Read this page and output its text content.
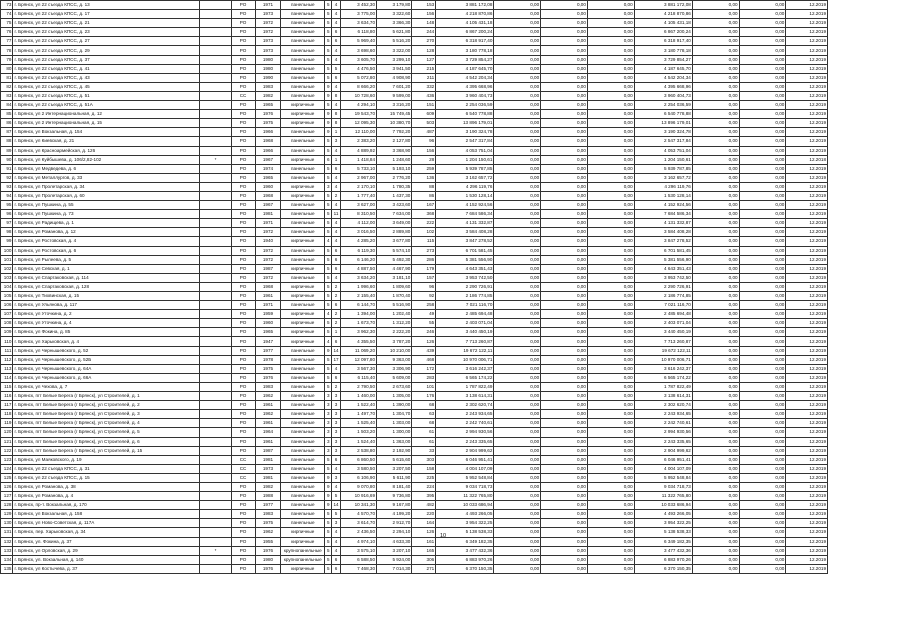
73	г. Брянск, ул 22 съезда КПСС, д. 13		РО	1971	панельные	5	4	3 452,30	3 179,80	153	3 881 172,08	0,00	0,00	0,00	3 881 172,08	0,00	0,00	12.2019
74	г. Брянск, ул 22 съезда КПСС, д. 17		РО	1973	панельные	5	4	3 775,00	3 322,60	156	4 218 870,86	0,00	0,00	0,00	4 218 870,86	0,00	0,00	12.2019
75	г. Брянск, ул 22 съезда КПСС, д. 21		РО	1972	панельные	5	4	3 634,70	3 366,30	148	4 105 431,18	0,00	0,00	0,00	4 105 431,18	0,00	0,00	12.2019
76	г. Брянск, ул 22 съезда КПСС, д. 23		РО	1972	панельные	5	6	6 118,80	5 621,80	244	6 867 200,24	0,00	0,00	0,00	6 867 200,24	0,00	0,00	12.2019
77	г. Брянск, ул 22 съезда КПСС, д. 27		РО	1973	панельные	5	6	5 969,40	5 516,20	270	6 318 917,40	0,00	0,00	0,00	6 318 917,40	0,00	0,00	12.2019
78	г. Брянск, ул 22 съезда КПСС, д. 29		РО	1973	панельные	5	4	3 698,60	3 322,00	128	3 180 778,18	0,00	0,00	0,00	3 180 778,18	0,00	0,00	12.2019
79	г. Брянск, ул 22 съезда КПСС, д. 37		РО	1980	панельные	5	4	3 605,70	3 299,10	127	3 729 854,27	0,00	0,00	0,00	3 729 854,27	0,00	0,00	12.2019
80	г. Брянск, ул 22 съезда КПСС, д. 41		РО	1980	панельные	5	5	4 476,50	3 941,50	215	4 187 645,70	0,00	0,00	0,00	4 187 645,70	0,00	0,00	12.2019
81	г. Брянск, ул 22 съезда КПСС, д. 43		РО	1990	панельные	5	6	5 072,80	4 908,90	211	4 542 204,34	0,00	0,00	0,00	4 542 204,34	0,00	0,00	12.2019
82	г. Брянск, ул 22 съезда КПСС, д. 45		РО	1983	панельные	9	4	8 666,20	7 601,20	332	4 395 668,96	0,00	0,00	0,00	4 395 668,96	0,00	0,00	12.2019
83	г. Брянск, ул 22 съезда КПСС, д. 51		СС	1982	панельные	9	8	10 728,60	9 599,00	436	3 960 404,73	0,00	0,00	0,00	3 960 404,73	0,00	0,00	12.2019
84	г. Брянск, ул 22 съезда КПСС, д. 51А		РО	1965	кирпичные	5	4	4 294,10	3 316,20	151	2 254 036,59	0,00	0,00	0,00	2 254 036,59	0,00	0,00	12.2019
85	г. Брянск, ул 2 Интернациональная, д. 12		РО	1976	кирпичные	9	8	19 543,70	15 749,45	609	6 540 778,88	0,00	0,00	0,00	6 540 778,88	0,00	0,00	12.2019
86	г. Брянск, ул 2 Интернациональная, д. 15		РО	1975	кирпичные	9	8	12 095,30	10 380,70	503	13 896 179,01	0,00	0,00	0,00	13 896 179,01	0,00	0,00	12.2019
87	г. Брянск, ул Вокзальная, д. 154		РО	1966	панельные	9	1	12 110,00	7 792,20	487	3 190 324,78	0,00	0,00	0,00	3 190 324,78	0,00	0,00	12.2019
88	г. Брянск, ул Киевская, д. 21		РО	1968	панельные	5	3	2 383,20	2 127,80	96	2 547 317,84	0,00	0,00	0,00	2 547 317,84	0,00	0,00	12.2019
89	г. Брянск, ул Красноармейская, д. 126		РО	1966	панельные	5	4	4 889,92	3 368,90	156	4 053 751,04	0,00	0,00	0,00	4 053 751,04	0,00	0,00	12.2019
90	г. Брянск, ул Куйбышева, д. 106/2,82-102	*	РО	1967	кирпичные	6	1	1 418,84	1 248,60	28	1 204 150,61	0,00	0,00	0,00	1 204 150,61	0,00	0,00	12.2018
91	г. Брянск, ул Медведева, д. 6		РО	1974	панельные	5	6	5 733,10	5 193,10	259	5 939 787,85	0,00	0,00	0,00	5 939 787,85	0,00	0,00	12.2019
92	г. Брянск, ул Металлургов, д. 33		РО	1965	панельные	5	4	2 967,00	2 776,20	136	3 162 657,72	0,00	0,00	0,00	3 162 657,72	0,00	0,00	12.2019
93	г. Брянск, ул Пролетарская, д. 34		РО	1960	кирпичные	3	4	2 170,10	1 780,35	88	4 296 119,76	0,00	0,00	0,00	4 296 119,76	0,00	0,00	12.2019
94	г. Брянск, ул Пролетарская, д. 60		РО	1968	кирпичные	5	2	1 777,40	1 437,30	86	1 530 128,14	0,00	0,00	0,00	1 530 128,14	0,00	0,00	12.2019
95	г. Брянск, ул Пушкина, д. 55		РО	1967	панельные	5	4	3 627,00	3 423,60	167	4 152 924,56	0,00	0,00	0,00	4 152 924,56	0,00	0,00	12.2019
96	г. Брянск, ул Пушкина, д. 73		РО	1981	панельные	5	11	8 310,50	7 634,00	368	7 684 586,34	0,00	0,00	0,00	7 684 586,34	0,00	0,00	12.2019
97	г. Брянск, ул Радищева, д. 1		РО	1971	панельные	5	4	4 112,00	3 649,00	222	4 131 332,87	0,00	0,00	0,00	4 131 332,87	0,00	0,00	12.2019
98	г. Брянск, ул Романова, д. 12		РО	1972	панельные	5	4	3 016,50	2 889,80	102	3 584 408,28	0,00	0,00	0,00	3 584 408,28	0,00	0,00	12.2019
99	г. Брянск, ул Ростовская, д. 4		РО	1940	кирпичные	4	4	4 285,20	3 677,80	115	3 847 278,52	0,00	0,00	0,00	3 847 278,52	0,00	0,00	12.2019
100	г. Брянск, ул Ростовская, д. 6		РО	1972	панельные	5	6	6 119,30	5 574,10	273	6 701 581,45	0,00	0,00	0,00	6 701 581,45	0,00	0,00	12.2019
101	г. Брянск, ул Рылеева, д. 5		РО	1972	панельные	5	6	6 146,20	5 492,30	286	5 381 556,90	0,00	0,00	0,00	5 381 556,90	0,00	0,00	12.2019
102	г. Брянск, ул Севская, д. 1		РО	1987	кирпичные	5	6	4 887,50	4 467,90	179	4 643 351,43	0,00	0,00	0,00	4 643 351,43	0,00	0,00	12.2019
103	г. Брянск, ул Спартаковская, д. 114		РО	1972	панельные	5	4	3 634,20	3 181,10	157	3 953 742,50	0,00	0,00	0,00	3 953 742,50	0,00	0,00	12.2019
104	г. Брянск, ул Спартаковская, д. 128		РО	1968	кирпичные	5	2	1 996,60	1 809,60	96	2 290 726,91	0,00	0,00	0,00	2 290 726,91	0,00	0,00	12.2019
105	г. Брянск, ул Тихвинская, д. 15		РО	1961	кирпичные	5	2	2 155,40	1 870,40	92	2 186 774,85	0,00	0,00	0,00	2 186 774,85	0,00	0,00	12.2019
106	г. Брянск, ул Ульянова, д. 117		РО	1971	панельные	5	6	6 144,70	5 516,90	258	7 021 116,70	0,00	0,00	0,00	7 021 116,70	0,00	0,00	12.2019
107	г. Брянск, ул Уточкина, д. 2		РО	1959	кирпичные	4	2	1 394,00	1 202,40	49	2 485 694,48	0,00	0,00	0,00	2 485 694,48	0,00	0,00	12.2019
108	г. Брянск, ул Уточкина, д. 4		РО	1960	кирпичные	5	2	1 673,70	1 312,20	55	2 403 071,04	0,00	0,00	0,00	2 403 071,04	0,00	0,00	12.2019
109	г. Брянск, ул Фокина, д. 85		РО	1965	кирпичные	5	1	3 962,30	2 222,20	246	3 440 450,19	0,00	0,00	0,00	3 440 450,19	0,00	0,00	12.2019
110	г. Брянск, ул Харьковская, д. 4		РО	1947	кирпичные	4	6	4 355,50	3 787,20	126	7 713 260,87	0,00	0,00	0,00	7 713 260,87	0,00	0,00	12.2019
111	г. Брянск, ул Чернышевского, д. 52		РО	1977	панельные	9	14	11 069,20	10 210,00	439	19 672 122,11	0,00	0,00	0,00	19 672 122,11	0,00	0,00	12.2019
112	г. Брянск, ул Чернышевского, д. 52Б		РО	1978	панельные	5	17	12 097,80	9 363,00	468	10 970 006,71	0,00	0,00	0,00	10 970 006,71	0,00	0,00	12.2019
113	г. Брянск, ул Чернышевского, д. 64А		РО	1975	панельные	5	4	3 567,30	3 306,90	172	3 616 242,37	0,00	0,00	0,00	3 616 242,37	0,00	0,00	12.2019
114	г. Брянск, ул Чернышевского, д. 66А		РО	1976	панельные	5	6	6 115,40	5 609,00	283	6 565 174,22	0,00	0,00	0,00	6 565 174,22	0,00	0,00	12.2019
115	г. Брянск, ул Чехова, д. 7		РО	1983	панельные	5	2	2 790,50	2 673,60	101	1 787 822,49	0,00	0,00	0,00	1 787 822,49	0,00	0,00	12.2019
116	г. Брянск, пгт Белые Берега (г Брянск), ул Строителей, д. 1		РО	1962	панельные	3	3	1 460,00	1 305,00	176	3 138 614,31	0,00	0,00	0,00	3 138 614,31	0,00	0,00	12.2019
117	г. Брянск, пгт Белые Берега (г Брянск), ул Строителей, д. 2		РО	1961	панельные	3	3	1 522,40	1 390,00	68	2 302 620,74	0,00	0,00	0,00	2 302 620,74	0,00	0,00	12.2019
118	г. Брянск, пгт Белые Берега (г Брянск), ул Строителей, д. 3		РО	1962	панельные	3	3	1 497,70	1 304,70	63	2 243 934,65	0,00	0,00	0,00	2 243 934,65	0,00	0,00	12.2019
119	г. Брянск, пгт Белые Берега (г Брянск), ул Строителей, д. 4		РО	1961	панельные	3	3	1 525,40	1 303,00	68	2 242 740,61	0,00	0,00	0,00	2 242 740,61	0,00	0,00	12.2019
120	г. Брянск, пгт Белые Берега (г Брянск), ул Строителей, д. 5		РО	1964	панельные	3	3	1 503,20	1 300,00	61	2 994 930,56	0,00	0,00	0,00	2 994 930,56	0,00	0,00	12.2019
121	г. Брянск, пгт Белые Берега (г Брянск), ул Строителей, д. 6		РО	1961	панельные	3	3	1 524,40	1 363,00	61	2 243 335,65	0,00	0,00	0,00	2 243 335,65	0,00	0,00	12.2019
122	г. Брянск, пгт Белые Берега (г Брянск), ул Строителей, д. 15		РО	1987	панельные	3	3	2 538,80	2 192,90	33	2 904 999,62	0,00	0,00	0,00	2 904 999,62	0,00	0,00	12.2019
123	г. Брянск, ул Маяковского, д. 19		СС	1981	панельные	5	6	6 860,50	5 615,60	303	6 046 951,41	0,00	0,00	0,00	6 046 951,41	0,00	0,00	12.2019
124	г. Брянск, ул 22 съезда КПСС, д. 31		СС	1973	панельные	5	4	3 580,50	3 207,50	158	4 004 107,09	0,00	0,00	0,00	4 004 107,09	0,00	0,00	12.2019
125	г. Брянск, ул 22 съезда КПСС, д. 15		СС	1981	панельные	9	3	6 106,90	5 611,90	225	5 952 548,84	0,00	0,00	0,00	5 952 548,84	0,00	0,00	12.2019
126	г. Брянск, ул Романова, д. 38		РО	1982	панельные	9	4	9 070,80	8 181,40	224	9 034 718,73	0,00	0,00	0,00	9 034 718,73	0,00	0,00	12.2019
127	г. Брянск, ул Романова, д. 4		РО	1988	панельные	9	5	10 916,69	9 736,80	395	11 322 765,80	0,00	0,00	0,00	11 322 765,80	0,00	0,00	12.2019
128	г. Брянск, пр-т. Вокзальная, д. 170		РО	1977	панельные	9	14	10 341,30	9 167,80	482	10 033 686,94	0,00	0,00	0,00	10 033 686,94	0,00	0,00	12.2019
129	г. Брянск, ул Вокзальная, д. 158		РО	1983	панельные	5	5	4 570,70	4 199,20	220	4 493 266,05	0,00	0,00	0,00	4 493 266,05	0,00	0,00	12.2019
130	г. Брянск, ул Ново-Советская, д. 117А		РО	1975	панельные	5	3	3 614,70	2 912,70	164	3 954 322,25	0,00	0,00	0,00	3 954 322,25	0,00	0,00	12.2019
131	г. Брянск, пер. Харьковская, д. 34		РО	1962	кирпичные	5	4	2 436,50	2 294,10	126	5 138 538,33	0,00	0,00	0,00	5 138 538,33	0,00	0,00	12.2019
132	г. Брянск, ул. Фокина, д. 37		РО	1955	кирпичные	5	4	4 974,10	4 633,30	161	6 349 182,35	0,00	0,00	0,00	6 349 182,35	0,00	0,00	12.2019
133	г. Брянск, ул Орловская, д. 29	*	РО	1976	крупнопанельные	5	4	3 575,10	3 207,10	165	3 477 432,36	0,00	0,00	0,00	3 477 432,36	0,00	0,00	12.2019
134	г. Брянск, ул. Вокзальная, д. 140		РО	1980	крупнопанельные	5	6	6 588,50	5 924,00	306	6 883 970,26	0,00	0,00	0,00	6 883 970,26	0,00	0,00	12.2019
135	г. Брянск, ул Костычева, д. 37		РО	1976	кирпичные	5	6	7 468,30	7 014,30	271	6 370 150,35	0,00	0,00	0,00	6 370 150,35	0,00	0,00	12.2019
10
